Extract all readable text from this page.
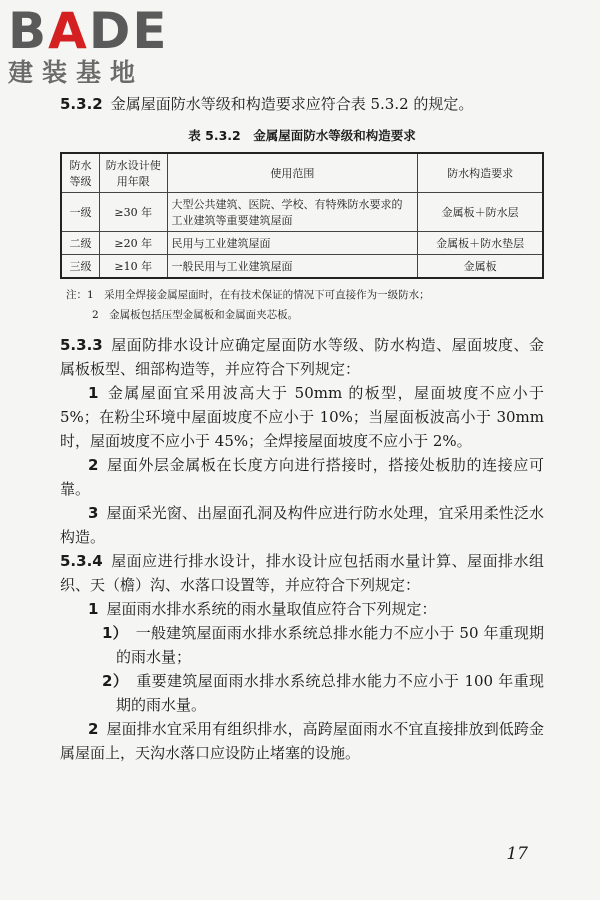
BADE
建装基地

5.3.2 金属屋面防水等级和构造要求应符合表 5.3.2 的规定。

表 5.3.2　金属屋面防水等级和构造要求
防水等级	防水设计使用年限	使用范围	防水构造要求
一级	≥30 年	大型公共建筑、医院、学校、有特殊防水要求的工业建筑等重要建筑屋面	金属板＋防水层
二级	≥20 年	民用与工业建筑屋面	金属板＋防水垫层
三级	≥10 年	一般民用与工业建筑屋面	金属板
注：1　采用全焊接金属屋面时，在有技术保证的情况下可直接作为一级防水；
2　金属板包括压型金属板和金属面夹芯板。

5.3.3 屋面防排水设计应确定屋面防水等级、防水构造、屋面坡度、金属板板型、细部构造等，并应符合下列规定：

1 金属屋面宜采用波高大于 50mm 的板型，屋面坡度不应小于 5%；在粉尘环境中屋面坡度不应小于 10%；当屋面板波高小于 30mm 时，屋面坡度不应小于 45%；全焊接屋面坡度不应小于 2%。

2 屋面外层金属板在长度方向进行搭接时，搭接处板肋的连接应可靠。

3 屋面采光窗、出屋面孔洞及构件应进行防水处理，宜采用柔性泛水构造。

5.3.4 屋面应进行排水设计，排水设计应包括雨水量计算、屋面排水组织、天（檐）沟、水落口设置等，并应符合下列规定：

1 屋面雨水排水系统的雨水量取值应符合下列规定：

1） 一般建筑屋面雨水排水系统总排水能力不应小于 50 年重现期的雨水量；

2） 重要建筑屋面雨水排水系统总排水能力不应小于 100 年重现期的雨水量。

2 屋面排水宜采用有组织排水，高跨屋面雨水不宜直接排放到低跨金属屋面上，天沟水落口应设防止堵塞的设施。

17
